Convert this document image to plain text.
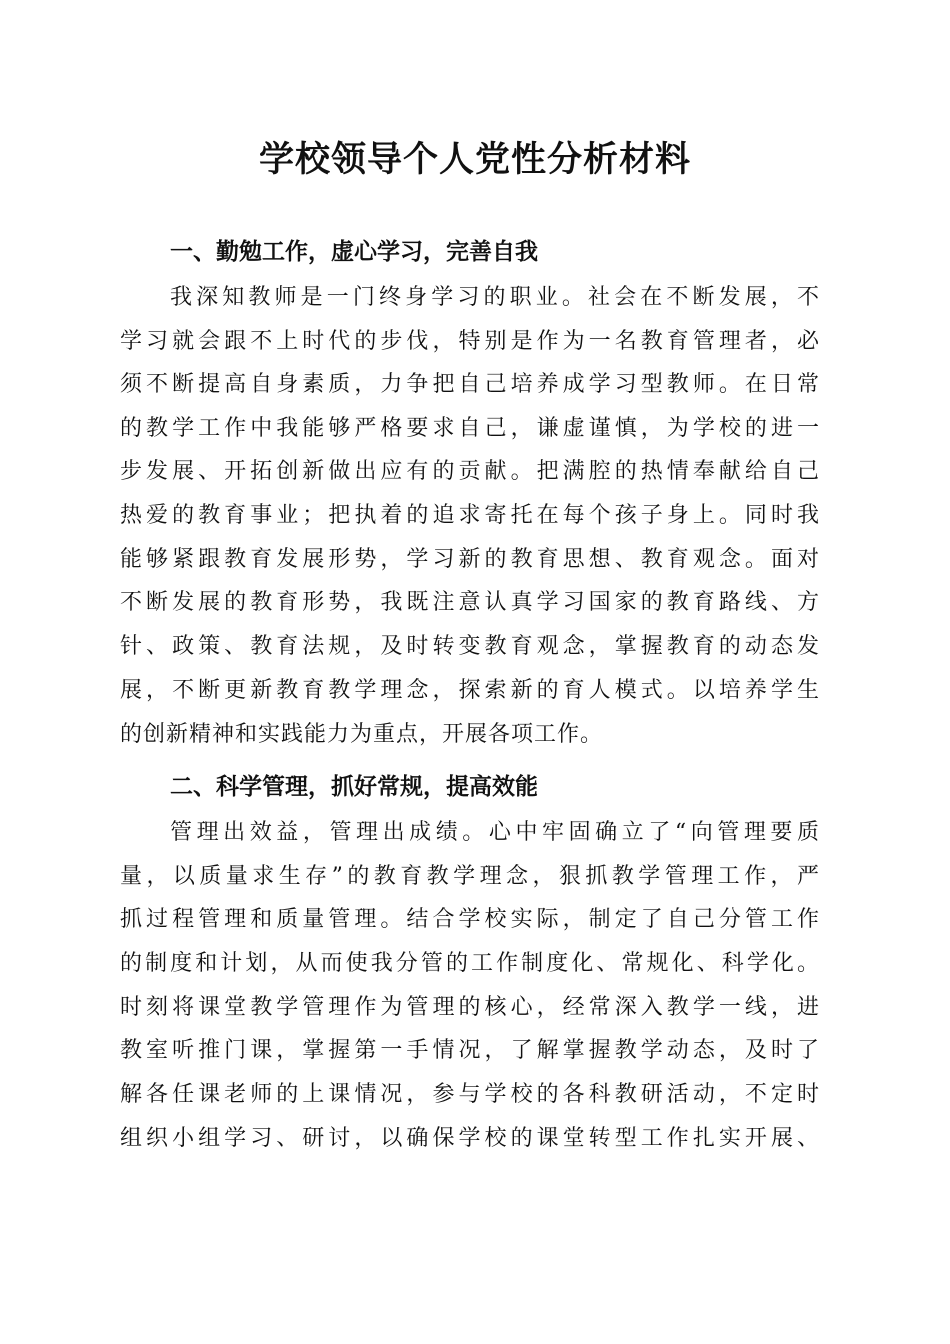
学校领导个人党性分析材料
一、勤勉工作，虚心学习，完善自我

我深知教师是一门终身学习的职业。社会在不断发展，不

学习就会跟不上时代的步伐，特别是作为一名教育管理者，必

须不断提高自身素质，力争把自己培养成学习型教师。在日常

的教学工作中我能够严格要求自己，谦虚谨慎，为学校的进一

步发展、开拓创新做出应有的贡献。把满腔的热情奉献给自己

热爱的教育事业；把执着的追求寄托在每个孩子身上。同时我

能够紧跟教育发展形势，学习新的教育思想、教育观念。面对

不断发展的教育形势，我既注意认真学习国家的教育路线、方

针、政策、教育法规，及时转变教育观念，掌握教育的动态发

展，不断更新教育教学理念，探索新的育人模式。以培养学生

的创新精神和实践能力为重点，开展各项工作。

二、科学管理，抓好常规，提高效能

管理出效益，管理出成绩。心中牢固确立了“向管理要质

量，以质量求生存”的教育教学理念，狠抓教学管理工作，严

抓过程管理和质量管理。结合学校实际，制定了自己分管工作

的制度和计划，从而使我分管的工作制度化、常规化、科学化。

时刻将课堂教学管理作为管理的核心，经常深入教学一线，进

教室听推门课，掌握第一手情况，了解掌握教学动态，及时了

解各任课老师的上课情况，参与学校的各科教研活动，不定时

组织小组学习、研讨，以确保学校的课堂转型工作扎实开展、
